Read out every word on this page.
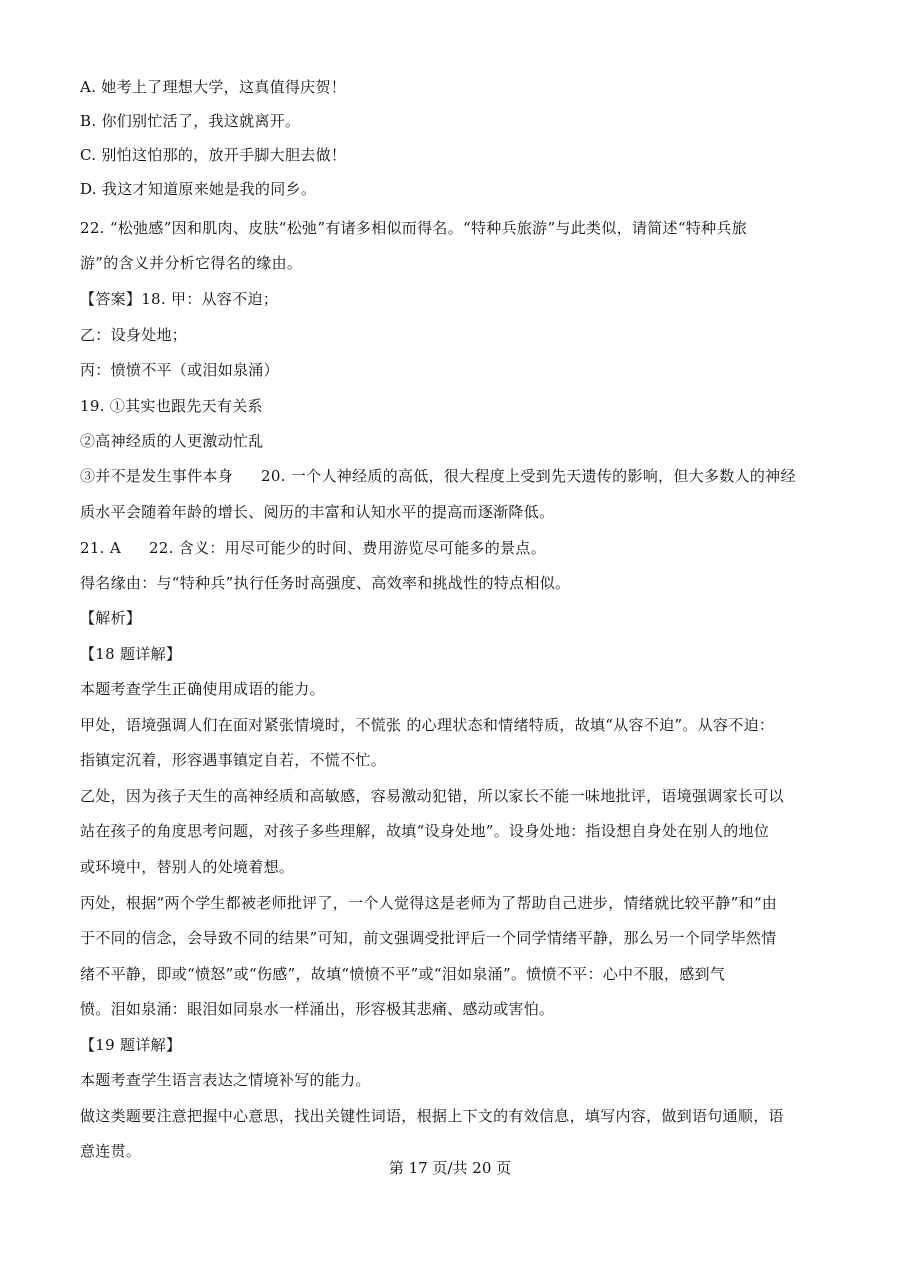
A. 她考上了理想大学，这真值得庆贺！
B. 你们别忙活了，我这就离开。
C. 别怕这怕那的，放开手脚大胆去做！
D. 我这才知道原来她是我的同乡。
22. “松弛感”因和肌肉、皮肤“松弛”有诸多相似而得名。“特种兵旅游”与此类似，请简述“特种兵旅
游”的含义并分析它得名的缘由。
【答案】18. 甲：从容不迫；
乙：设身处地；
丙：愤愤不平（或泪如泉涌）
19. ①其实也跟先天有关系
②高神经质的人更激动忙乱
③并不是发生事件本身 20. 一个人神经质的高低，很大程度上受到先天遗传的影响，但大多数人的神经
质水平会随着年龄的增长、阅历的丰富和认知水平的提高而逐渐降低。
21. A 22. 含义：用尽可能少的时间、费用游览尽可能多的景点。
得名缘由：与“特种兵”执行任务时高强度、高效率和挑战性的特点相似。
【解析】
【18 题详解】
本题考查学生正确使用成语的能力。
甲处，语境强调人们在面对紧张情境时，不慌张 的心理状态和情绪特质，故填“从容不迫”。从容不迫：
指镇定沉着，形容遇事镇定自若，不慌不忙。
乙处，因为孩子天生的高神经质和高敏感，容易激动犯错，所以家长不能一味地批评，语境强调家长可以
站在孩子的角度思考问题，对孩子多些理解，故填“设身处地”。设身处地：指设想自身处在别人的地位
或环境中，替别人的处境着想。
丙处，根据“两个学生都被老师批评了，一个人觉得这是老师为了帮助自己进步，情绪就比较平静”和“由
于不同的信念，会导致不同的结果”可知，前文强调受批评后一个同学情绪平静，那么另一个同学毕然情
绪不平静，即或“愤怒”或“伤感”，故填“愤愤不平”或“泪如泉涌”。愤愤不平：心中不服，感到气
愤。泪如泉涌：眼泪如同泉水一样涌出，形容极其悲痛、感动或害怕。
【19 题详解】
本题考查学生语言表达之情境补写的能力。
做这类题要注意把握中心意思，找出关键性词语，根据上下文的有效信息，填写内容，做到语句通顺，语
意连贯。
第 17 页/共 20 页
